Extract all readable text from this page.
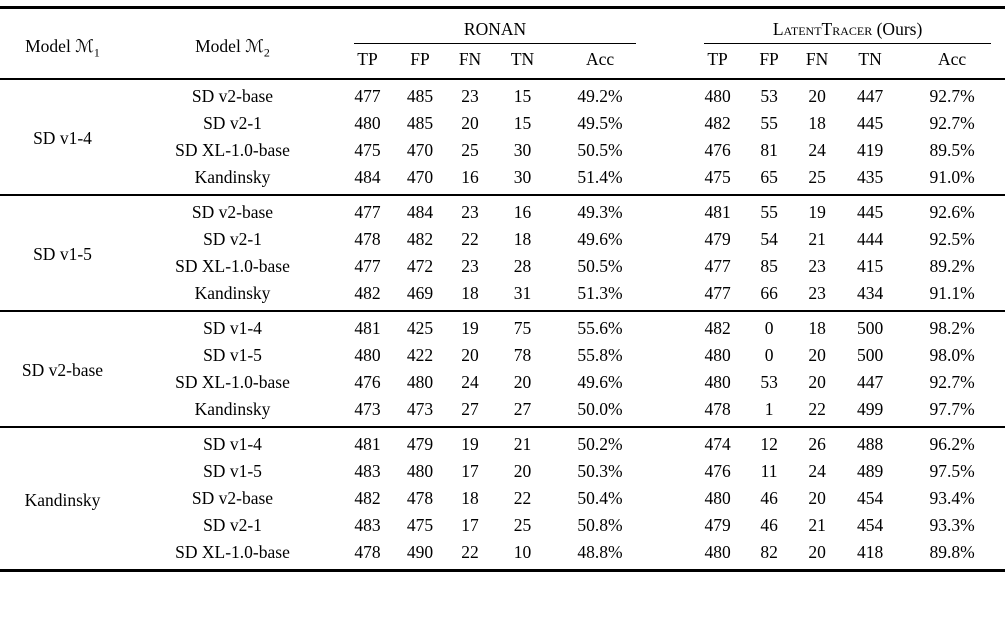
Model ℳ$_1$	Model ℳ$_2$	RONAN						LatentTracer (Ours)				
		TP	FP	FN	TN	Acc		TP	FP	FN	TN	Acc
SD v1-4	SD v2-base	477	485	23	15	49.2%		480	53	20	447	92.7%
	SD v2-1	480	485	20	15	49.5%		482	55	18	445	92.7%
	SD XL-1.0-base	475	470	25	30	50.5%		476	81	24	419	89.5%
	Kandinsky	484	470	16	30	51.4%		475	65	25	435	91.0%
SD v1-5	SD v2-base	477	484	23	16	49.3%		481	55	19	445	92.6%
	SD v2-1	478	482	22	18	49.6%		479	54	21	444	92.5%
	SD XL-1.0-base	477	472	23	28	50.5%		477	85	23	415	89.2%
	Kandinsky	482	469	18	31	51.3%		477	66	23	434	91.1%
SD v2-base	SD v1-4	481	425	19	75	55.6%		482	0	18	500	98.2%
	SD v1-5	480	422	20	78	55.8%		480	0	20	500	98.0%
	SD XL-1.0-base	476	480	24	20	49.6%		480	53	20	447	92.7%
	Kandinsky	473	473	27	27	50.0%		478	1	22	499	97.7%
Kandinsky	SD v1-4	481	479	19	21	50.2%		474	12	26	488	96.2%
	SD v1-5	483	480	17	20	50.3%		476	11	24	489	97.5%
	SD v2-base	482	478	18	22	50.4%		480	46	20	454	93.4%
	SD v2-1	483	475	17	25	50.8%		479	46	21	454	93.3%
	SD XL-1.0-base	478	490	22	10	48.8%		480	82	20	418	89.8%
